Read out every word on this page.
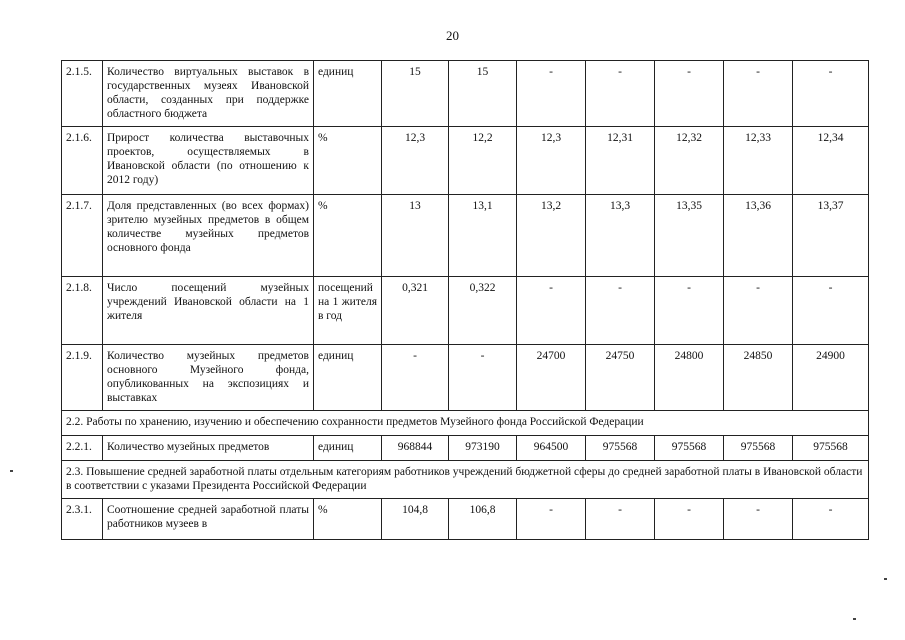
20
2.1.5.	Количество виртуальных выставок в государственных музеях Ивановской области, созданных при поддержке областного бюджета	единиц	15	15	-	-	-	-	-
2.1.6.	Прирост количества выставочных проектов, осуществляемых в Ивановской области (по отношению к 2012 году)	%	12,3	12,2	12,3	12,31	12,32	12,33	12,34
2.1.7.	Доля представленных (во всех формах) зрителю музейных предметов в общем количестве музейных предметов основного фонда	%	13	13,1	13,2	13,3	13,35	13,36	13,37
2.1.8.	Число посещений музейных учреждений Ивановской области на 1 жителя	посещений на 1 жителя в год	0,321	0,322	-	-	-	-	-
2.1.9.	Количество музейных предметов основного Музейного фонда, опубликованных на экспозициях и выставках	единиц	-	-	24700	24750	24800	24850	24900
2.2. Работы по хранению, изучению и обеспечению сохранности предметов Музейного фонда Российской Федерации									
2.2.1.	Количество музейных предметов	единиц	968844	973190	964500	975568	975568	975568	975568
2.3. Повышение средней заработной платы отдельным категориям работников учреждений бюджетной сферы до средней заработной платы в Ивановской области в соответствии с указами Президента Российской Федерации									
2.3.1.	Соотношение средней заработной платы работников музеев в	%	104,8	106,8	-	-	-	-	-
